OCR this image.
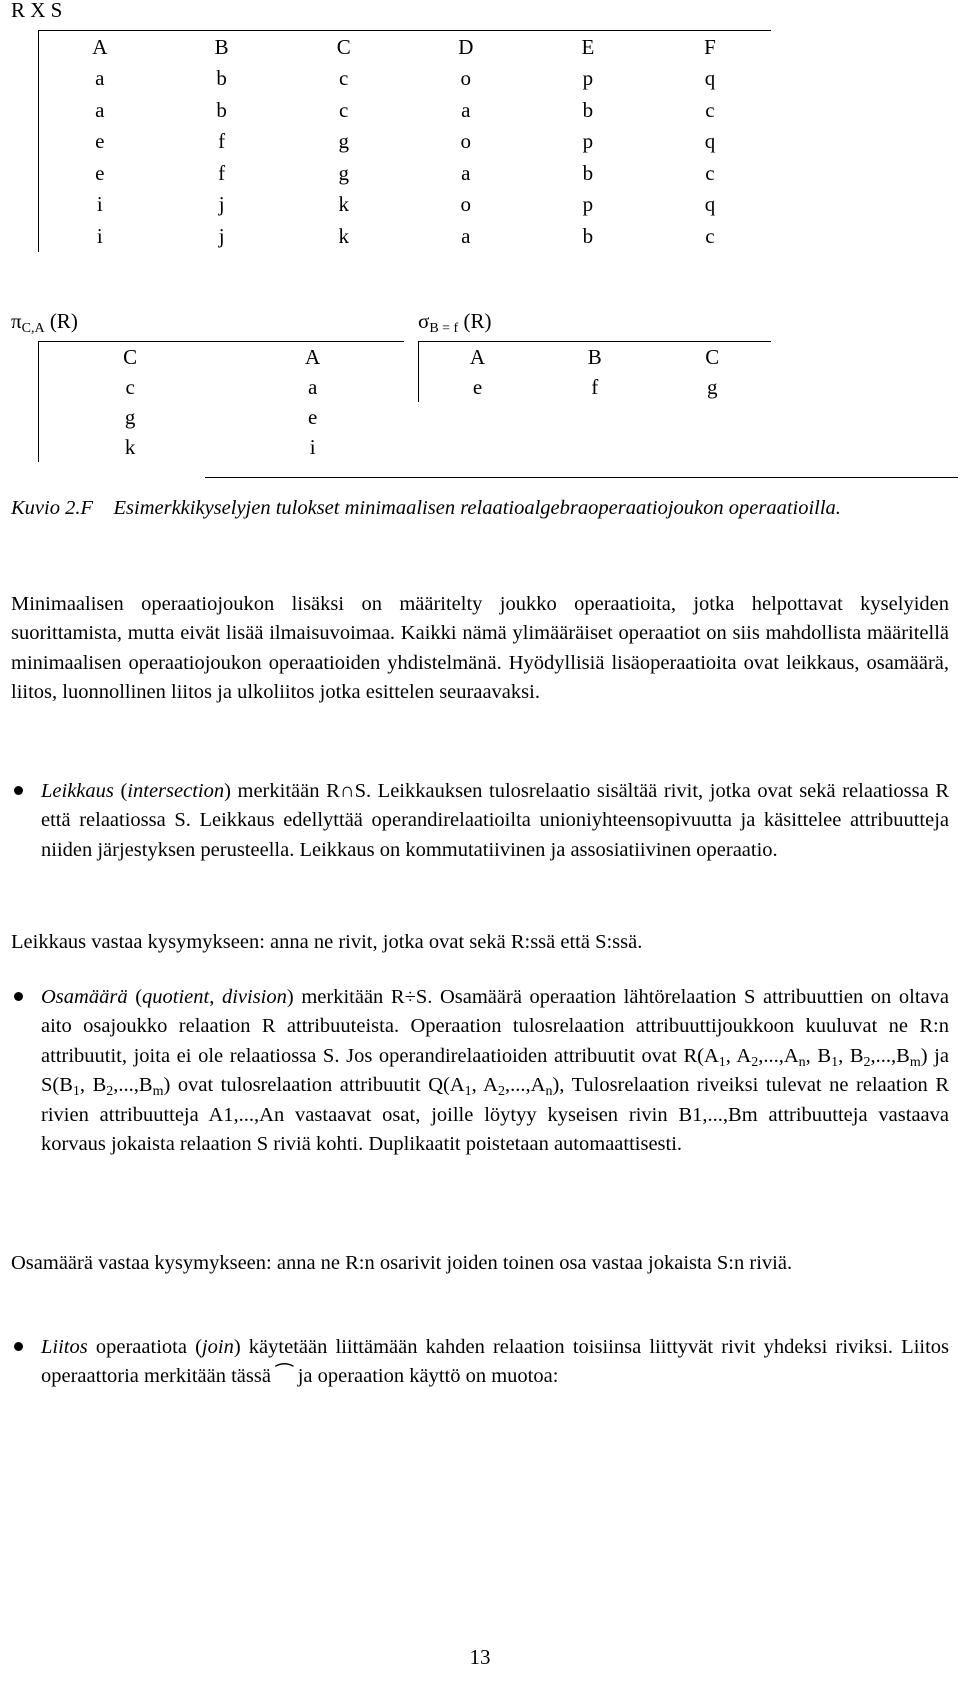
R X S
A	B	C	D	E	F
a	b	c	o	p	q
a	b	c	a	b	c
e	f	g	o	p	q
e	f	g	a	b	c
i	j	k	o	p	q
i	j	k	a	b	c
$\pi_{C,A}$ (R)	$\sigma_{B = f}$ (R)
C	A
c	a
g	e
k	i
A	B	C
e	f	g
Kuvio 2.F Esimerkkikyselyjen tulokset minimaalisen relaatioalgebraoperaatiojoukon operaatioilla.
Minimaalisen operaatiojoukon lisäksi on määritelty joukko operaatioita, jotka helpottavat kyselyiden suorittamista, mutta eivät lisää ilmaisuvoimaa. Kaikki nämä ylimääräiset operaatiot on siis mahdollista määritellä minimaalisen operaatiojoukon operaatioiden yhdistelmänä. Hyödyllisiä lisäoperaatioita ovat leikkaus, osamäärä, liitos, luonnollinen liitos ja ulkoliitos jotka esittelen seuraavaksi.
Leikkaus (intersection) merkitään R∩S. Leikkauksen tulosrelaatio sisältää rivit, jotka ovat sekä relaatiossa R että relaatiossa S. Leikkaus edellyttää operandirelaatioilta unioniyhteensopivuutta ja käsittelee attribuutteja niiden järjestyksen perusteella. Leikkaus on kommutatiivinen ja assosiatiivinen operaatio.
Leikkaus vastaa kysymykseen: anna ne rivit, jotka ovat sekä R:ssä että S:ssä.
Osamäärä (quotient, division) merkitään R÷S. Osamäärä operaation lähtörelaation S attribuuttien on oltava aito osajoukko relaation R attribuuteista. Operaation tulosrelaation attribuuttijoukkoon kuuluvat ne R:n attribuutit, joita ei ole relaatiossa S. Jos operandirelaatioiden attribuutit ovat $R(A_1$, $A_2,...,A_n$, $B_1$, $B_2,...,B_m$) ja $S(B_1$, $B_2,...,B_m$) ovat tulosrelaation attribuutit $Q(A_1$, $A_2,...,A_n$), Tulosrelaation riveiksi tulevat ne relaation R rivien attribuutteja A1,...,An vastaavat osat, joille löytyy kyseisen rivin B1,...,Bm attribuutteja vastaava korvaus jokaista relaation S riviä kohti. Duplikaatit poistetaan automaattisesti.
Osamäärä vastaa kysymykseen: anna ne R:n osarivit joiden toinen osa vastaa jokaista S:n riviä.
Liitos operaatiota (join) käytetään liittämään kahden relaation toisiinsa liittyvät rivit yhdeksi riviksi. Liitos operaattoria merkitään tässä ⁀ ja operaation käyttö on muotoa:
13
